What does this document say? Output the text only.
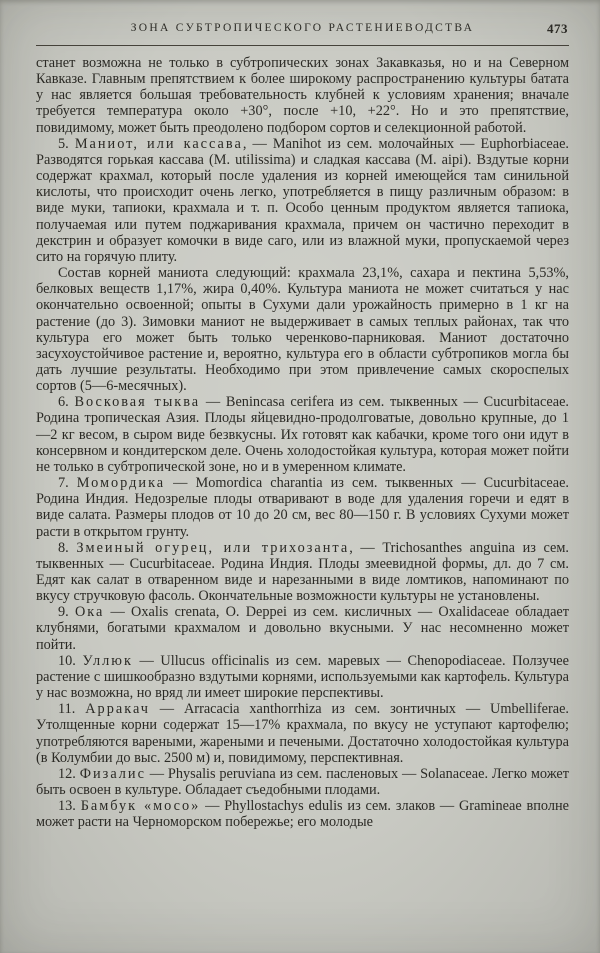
ЗОНА СУБТРОПИЧЕСКОГО РАСТЕНИЕВОДСТВА	473

станет возможна не только в субтропических зонах Закавказья, но и на Северном Кавказе. Главным препятствием к более широкому распространению культуры батата у нас является большая требовательность клубней к условиям хранения; вначале требуется температура около +30°, после +10, +22°. Но и это препятствие, повидимому, может быть преодолено подбором сортов и селекционной работой.

5. Маниот, или кассава, — Manihot из сем. молочайных — Euphorbiaceae. Разводятся горькая кассава (М. utilissima) и сладкая кассава (М. aipi). Вздутые корни содержат крахмал, который после удаления из корней имеющейся там синильной кислоты, что происходит очень легко, употребляется в пищу различным образом: в виде муки, тапиоки, крахмала и т. п. Особо ценным продуктом является тапиока, получаемая или путем поджаривания крахмала, причем он частично переходит в декстрин и образует комочки в виде саго, или из влажной муки, пропускаемой через сито на горячую плиту.

Состав корней маниота следующий: крахмала 23,1%, сахара и пектина 5,53%, белковых веществ 1,17%, жира 0,40%. Культура маниота не может считаться у нас окончательно освоенной; опыты в Сухуми дали урожайность примерно в 1 кг на растение (до 3). Зимовки маниот не выдерживает в самых теплых районах, так что культура его может быть только черенково-парниковая. Маниот достаточно засухоустойчивое растение и, вероятно, культура его в области субтропиков могла бы дать лучшие результаты. Необходимо при этом привлечение самых скороспелых сортов (5—6-месячных).

6. Восковая тыква — Benincasa cerifera из сем. тыквенных — Cucurbitaceae. Родина тропическая Азия. Плоды яйцевидно-продолговатые, довольно крупные, до 1—2 кг весом, в сыром виде безвкусны. Их готовят как кабачки, кроме того они идут в консервном и кондитерском деле. Очень холодостойкая культура, которая может пойти не только в субтропической зоне, но и в умеренном климате.

7. Момордика — Momordica charantia из сем. тыквенных — Cucurbitaceae. Родина Индия. Недозрелые плоды отваривают в воде для удаления горечи и едят в виде салата. Размеры плодов от 10 до 20 см, вес 80—150 г. В условиях Сухуми может расти в открытом грунту.

8. Змеиный огурец, или трихозанта, — Trichosanthes anguina из сем. тыквенных — Cucurbitaceae. Родина Индия. Плоды змеевидной формы, дл. до 7 см. Едят как салат в отваренном виде и нарезанными в виде ломтиков, напоминают по вкусу стручковую фасоль. Окончательные возможности культуры не установлены.

9. Ока — Oxalis crenata, O. Deppei из сем. кисличных — Oxalidaceae обладает клубнями, богатыми крахмалом и довольно вкусными. У нас несомненно может пойти.

10. Уллюк — Ullucus officinalis из сем. маревых — Chenopodiaceae. Ползучее растение с шишкообразно вздутыми корнями, используемыми как картофель. Культура у нас возможна, но вряд ли имеет широкие перспективы.

11. Арракач — Arracacia xanthorrhiza из сем. зонтичных — Umbelliferae. Утолщенные корни содержат 15—17% крахмала, по вкусу не уступают картофелю; употребляются вареными, жареными и печеными. Достаточно холодостойкая культура (в Колумбии до выс. 2500 м) и, повидимому, перспективная.

12. Физалис — Physalis peruviana из сем. пасленовых — Solanaceae. Легко может быть освоен в культуре. Обладает съедобными плодами.

13. Бамбук «мосо» — Phyllostachys edulis из сем. злаков — Gramineae вполне может расти на Черноморском побережье; его молодые
